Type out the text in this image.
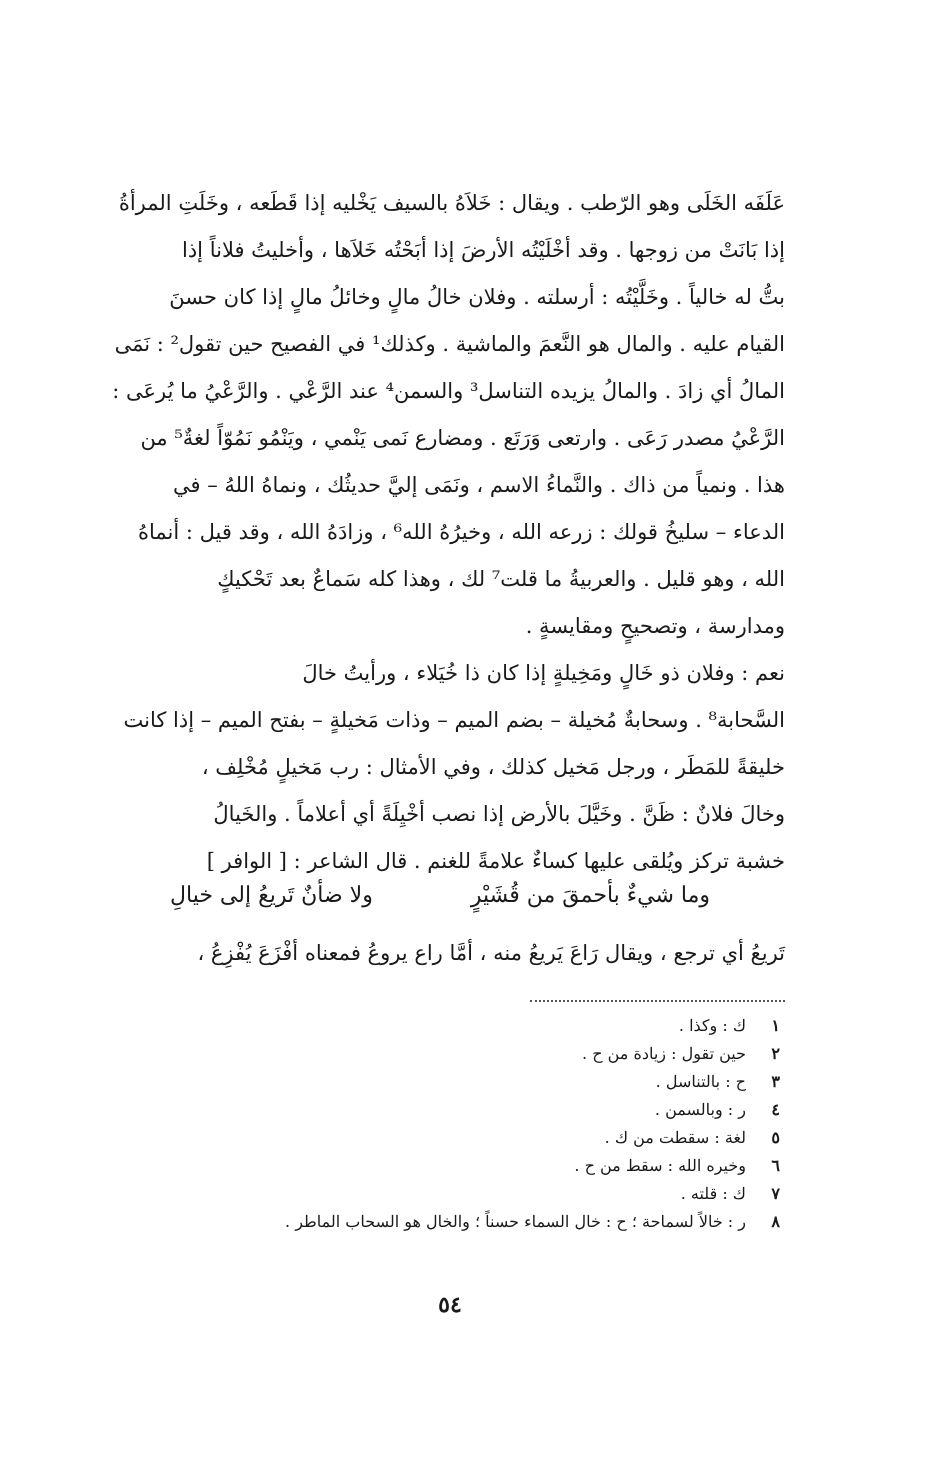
عَلَفَه الخَلَى وهو الرّطب . ويقال : خَلاَهُ بالسيف يَخْليه إذا قَطَعه ، وخَلَتِ المرأةُ
إذا بَانَتْ من زوجها . وقد أخْلَيْتُه الأرضَ إذا أبَحْتُه خَلاَها ، وأخليتُ فلاناً إذا
بتُّ له خالياً . وخَلَّيْتُه : أرسلته . وفلان خالُ مالٍ وخائلُ مالٍ إذا كان حسنَ
القيام عليه . والمال هو النَّعمَ والماشية . وكذلك¹ في الفصيح حين تقول² : نَمَى
المالُ أي زادَ . والمالُ يزيده التناسل³ والسمن⁴ عند الرَّعْي . والرَّعْيُ ما يُرعَى :
الرَّعْيُ مصدر رَعَى . وارتعى وَرَتَع . ومضارع نَمى يَنْمي ، ويَنْمُو نَمُوّاً لغةٌ⁵ من
هذا . ونمياً من ذاك . والنَّماءُ الاسم ، ونَمَى إليَّ حديثُك ، ونماهُ اللهُ – في
الدعاء – سليخُ قولك : زرعه الله ، وخيرُهُ الله⁶ ، وزادَهُ الله ، وقد قيل : أنماهُ
الله ، وهو قليل . والعربيةُ ما قلت⁷ لك ، وهذا كله سَماعٌ بعد تَحْكيكٍ
ومدارسة ، وتصحيحٍ ومقايسةٍ .
نعم : وفلان ذو خَالٍ ومَخِيلةٍ إذا كان ذا خُيَلاء ، ورأيتُ خالَ
السَّحابة⁸ . وسحابةٌ مُخيلة – بضم الميم – وذات مَخيلةٍ – بفتح الميم – إذا كانت
خليقةً للمَطَر ، ورجل مَخيل كذلك ، وفي الأمثال : رب مَخيلٍ مُخْلِف ،
وخالَ فلانٌ : ظَنَّ . وخَيَّلَ بالأرض إذا نصب أخْيِلَةً أي أعلاماً . والخَيالُ
خشبة تركز ويُلقى عليها كساءٌ علامةً للغنم . قال الشاعر : [ الوافر ]
وما شيءٌ بأحمقَ من قُشَيْرٍ
ولا ضأنٌ تَريعُ إلى خيالِ
تَريعُ أي ترجع ، ويقال رَاعَ يَريعُ منه ، أمَّا راع يروعُ فمعناه أفْزَعَ يُفْزِعُ ،
١
ك : وكذا .
٢
حين تقول : زيادة من ح .
٣
ح : بالتناسل .
٤
ر : وبالسمن .
٥
لغة : سقطت من ك .
٦
وخيره الله : سقط من ح .
٧
ك : قلته .
٨
ر : خالاً لسماحة ؛ ح : خال السماء حسناً ؛ والخال هو السحاب الماطر .
٥٤
